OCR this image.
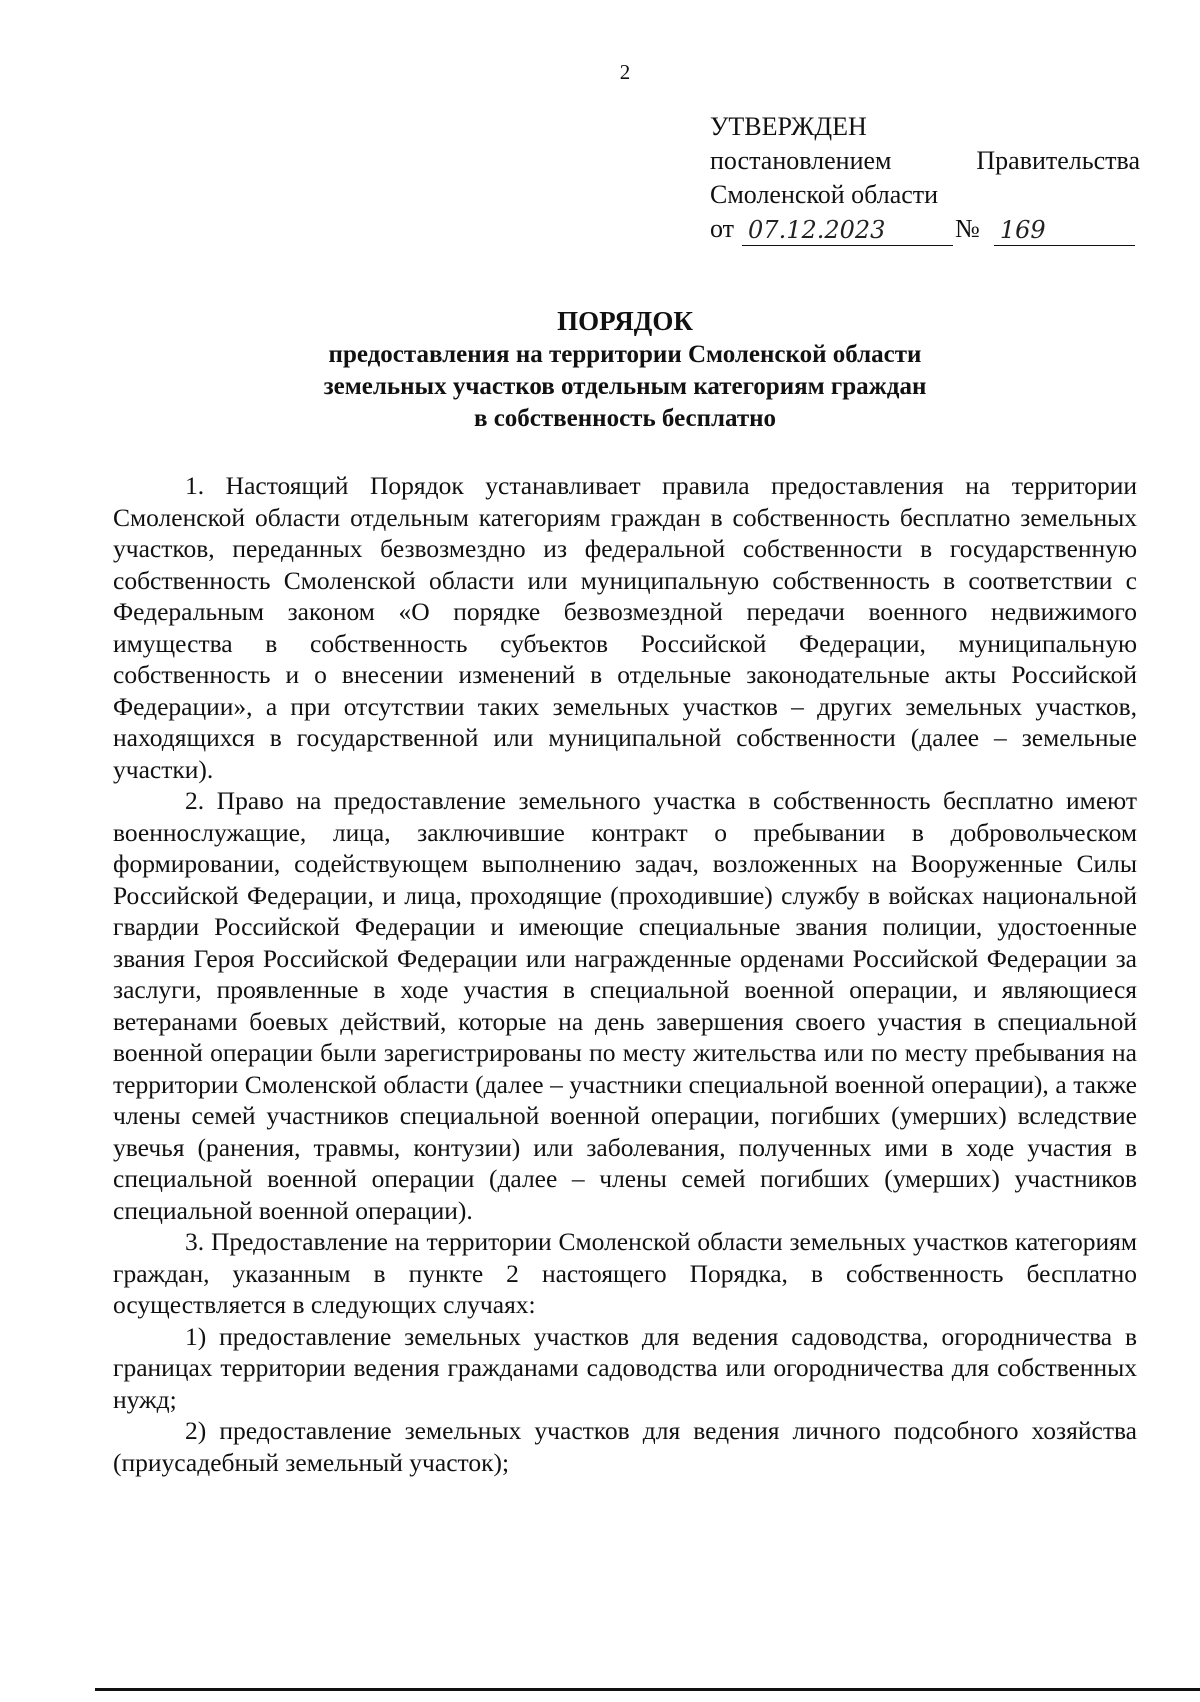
2
УТВЕРЖДЕН
постановлением	Правительства
Смоленской области
от 07.12.2023	№ 169
ПОРЯДОК
предоставления на территории Смоленской области
земельных участков отдельным категориям граждан
в собственность бесплатно

1. Настоящий Порядок устанавливает правила предоставления на территории Смоленской области отдельным категориям граждан в собственность бесплатно земельных участков, переданных безвозмездно из федеральной собственности в государственную собственность Смоленской области или муниципальную собственность в соответствии с Федеральным законом «О порядке безвозмездной передачи военного недвижимого имущества в собственность субъектов Российской Федерации, муниципальную собственность и о внесении изменений в отдельные законодательные акты Российской Федерации», а при отсутствии таких земельных участков – других земельных участков, находящихся в государственной или муниципальной собственности (далее – земельные участки).

2. Право на предоставление земельного участка в собственность бесплатно имеют военнослужащие, лица, заключившие контракт о пребывании в добровольческом формировании, содействующем выполнению задач, возложенных на Вооруженные Силы Российской Федерации, и лица, проходящие (проходившие) службу в войсках национальной гвардии Российской Федерации и имеющие специальные звания полиции, удостоенные звания Героя Российской Федерации или награжденные орденами Российской Федерации за заслуги, проявленные в ходе участия в специальной военной операции, и являющиеся ветеранами боевых действий, которые на день завершения своего участия в специальной военной операции были зарегистрированы по месту жительства или по месту пребывания на территории Смоленской области (далее – участники специальной военной операции), а также члены семей участников специальной военной операции, погибших (умерших) вследствие увечья (ранения, травмы, контузии) или заболевания, полученных ими в ходе участия в специальной военной операции (далее – члены семей погибших (умерших) участников специальной военной операции).

3. Предоставление на территории Смоленской области земельных участков категориям граждан, указанным в пункте 2 настоящего Порядка, в собственность бесплатно осуществляется в следующих случаях:

1) предоставление земельных участков для ведения садоводства, огородничества в границах территории ведения гражданами садоводства или огородничества для собственных нужд;

2) предоставление земельных участков для ведения личного подсобного хозяйства (приусадебный земельный участок);
